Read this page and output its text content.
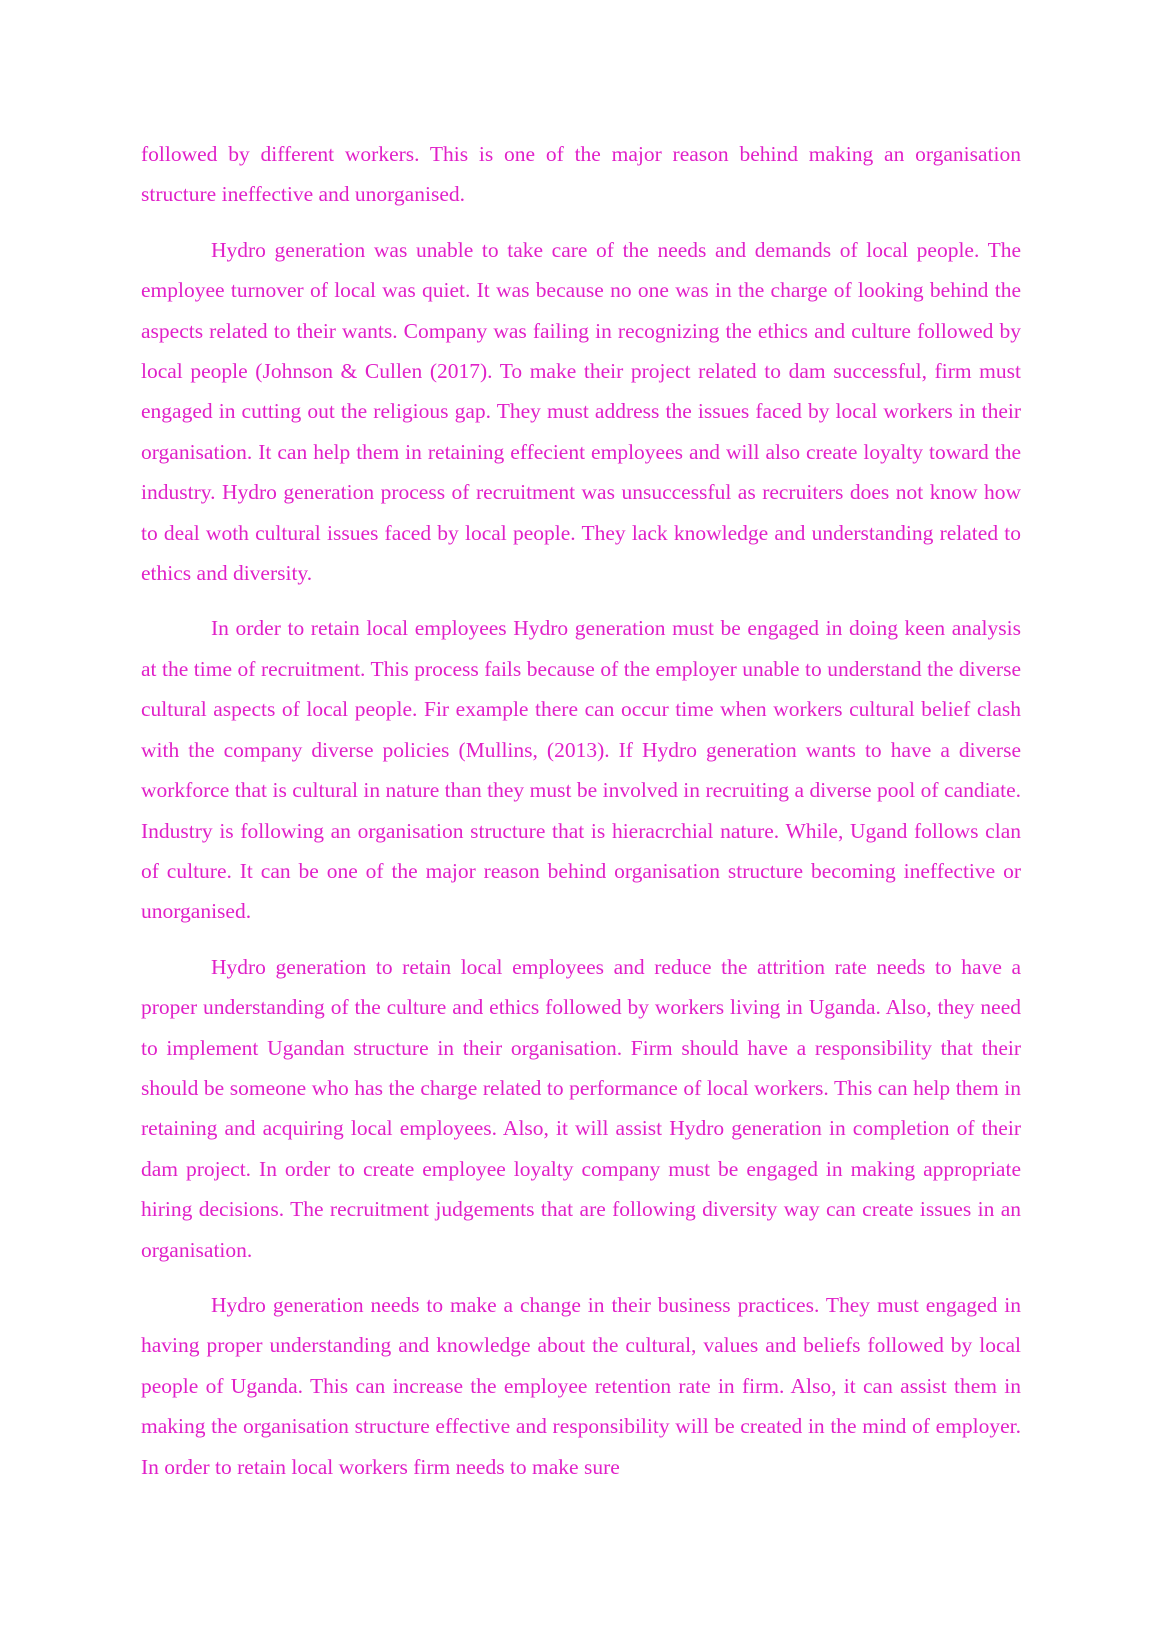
followed by different workers. This is one of the major reason behind making an organisation structure ineffective and unorganised.

Hydro generation was unable to take care of the needs and demands of local people. The employee turnover of local was quiet. It was because no one was in the charge of looking behind the aspects related to their wants. Company was failing in recognizing the ethics and culture followed by local people (Johnson & Cullen (2017). To make their project related to dam successful, firm must engaged in cutting out the religious gap. They must address the issues faced by local workers in their organisation. It can help them in retaining effecient employees and will also create loyalty toward the industry. Hydro generation process of recruitment was unsuccessful as recruiters does not know how to deal woth cultural issues faced by local people. They lack knowledge and understanding related to ethics and diversity.

In order to retain local employees Hydro generation must be engaged in doing keen analysis at the time of recruitment. This process fails because of the employer unable to understand the diverse cultural aspects of local people. Fir example there can occur time when workers cultural belief clash with the company diverse policies (Mullins, (2013). If Hydro generation wants to have a diverse workforce that is cultural in nature than they must be involved in recruiting a diverse pool of candiate. Industry is following an organisation structure that is hieracrchial nature. While, Ugand follows clan of culture. It can be one of the major reason behind organisation structure becoming ineffective or unorganised.

Hydro generation to retain local employees and reduce the attrition rate needs to have a proper understanding of the culture and ethics followed by workers living in Uganda. Also, they need to implement Ugandan structure in their organisation. Firm should have a responsibility that their should be someone who has the charge related to performance of local workers. This can help them in retaining and acquiring local employees. Also, it will assist Hydro generation in completion of their dam project. In order to create employee loyalty company must be engaged in making appropriate hiring decisions. The recruitment judgements that are following diversity way can create issues in an organisation.

Hydro generation needs to make a change in their business practices. They must engaged in having proper understanding and knowledge about the cultural, values and beliefs followed by local people of Uganda. This can increase the employee retention rate in firm. Also, it can assist them in making the organisation structure effective and responsibility will be created in the mind of employer. In order to retain local workers firm needs to make sure
